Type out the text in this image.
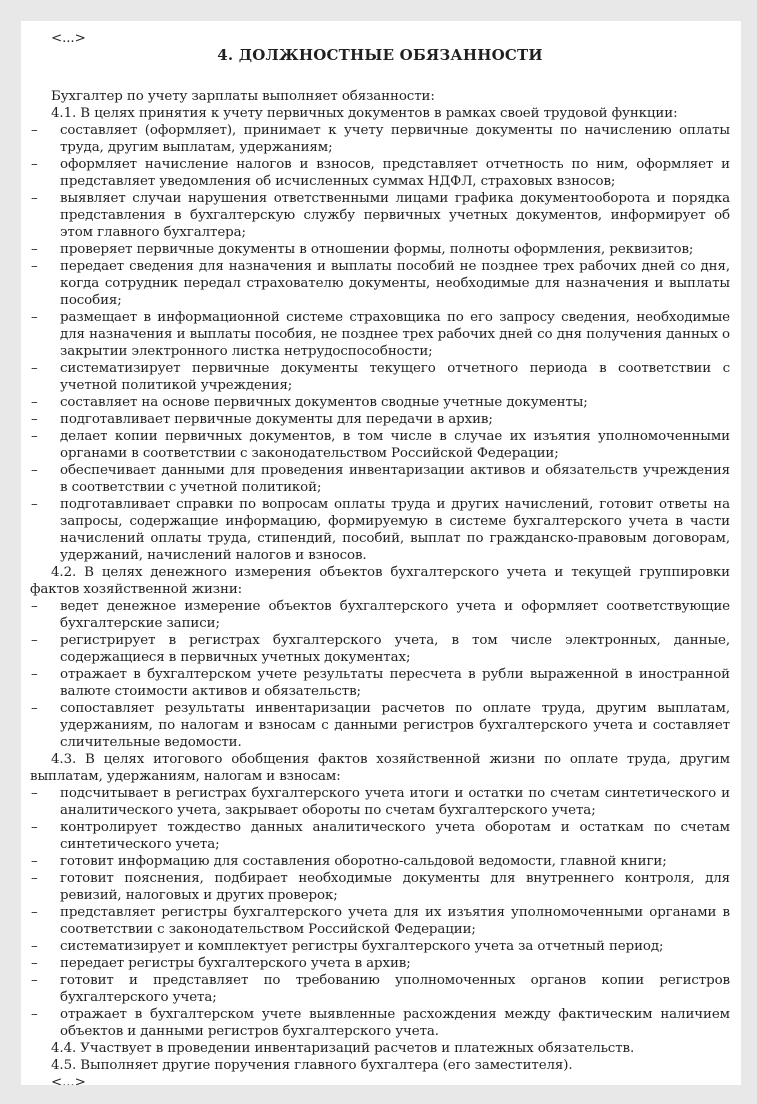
<...>

4. ДОЛЖНОСТНЫЕ ОБЯЗАННОСТИ

Бухгалтер по учету зарплаты выполняет обязанности:

4.1. В целях принятия к учету первичных документов в рамках своей трудовой функции:

– составляет (оформляет), принимает к учету первичные документы по начислению оплаты труда, другим выплатам, удержаниям;
– оформляет начисление налогов и взносов, представляет отчетность по ним, оформляет и представляет уведомления об исчисленных суммах НДФЛ, страховых взносов;
– выявляет случаи нарушения ответственными лицами графика документооборота и порядка представления в бухгалтерскую службу первичных учетных документов, информирует об этом главного бухгалтера;
– проверяет первичные документы в отношении формы, полноты оформления, реквизитов;
– передает сведения для назначения и выплаты пособий не позднее трех рабочих дней со дня, когда сотрудник передал страхователю документы, необходимые для назначения и выплаты пособия;
– размещает в информационной системе страховщика по его запросу сведения, необходимые для назначения и выплаты пособия, не позднее трех рабочих дней со дня получения данных о закрытии электронного листка нетрудоспособности;
– систематизирует первичные документы текущего отчетного периода в соответствии с учетной политикой учреждения;
– составляет на основе первичных документов сводные учетные документы;
– подготавливает первичные документы для передачи в архив;
– делает копии первичных документов, в том числе в случае их изъятия уполномоченными органами в соответствии с законодательством Российской Федерации;
– обеспечивает данными для проведения инвентаризации активов и обязательств учреждения в соответствии с учетной политикой;
– подготавливает справки по вопросам оплаты труда и других начислений, готовит ответы на запросы, содержащие информацию, формируемую в системе бухгалтерского учета в части начислений оплаты труда, стипендий, пособий, выплат по гражданско-правовым договорам, удержаний, начислений налогов и взносов.

4.2. В целях денежного измерения объектов бухгалтерского учета и текущей группировки фактов хозяйственной жизни:

– ведет денежное измерение объектов бухгалтерского учета и оформляет соответствующие бухгалтерские записи;
– регистрирует в регистрах бухгалтерского учета, в том числе электронных, данные, содержащиеся в первичных учетных документах;
– отражает в бухгалтерском учете результаты пересчета в рубли выраженной в иностранной валюте стоимости активов и обязательств;
– сопоставляет результаты инвентаризации расчетов по оплате труда, другим выплатам, удержаниям, по налогам и взносам с данными регистров бухгалтерского учета и составляет сличительные ведомости.

4.3. В целях итогового обобщения фактов хозяйственной жизни по оплате труда, другим выплатам, удержаниям, налогам и взносам:

– подсчитывает в регистрах бухгалтерского учета итоги и остатки по счетам синтетического и аналитического учета, закрывает обороты по счетам бухгалтерского учета;
– контролирует тождество данных аналитического учета оборотам и остаткам по счетам синтетического учета;
– готовит информацию для составления оборотно-сальдовой ведомости, главной книги;
– готовит пояснения, подбирает необходимые документы для внутреннего контроля, для ревизий, налоговых и других проверок;
– представляет регистры бухгалтерского учета для их изъятия уполномоченными органами в соответствии с законодательством Российской Федерации;
– систематизирует и комплектует регистры бухгалтерского учета за отчетный период;
– передает регистры бухгалтерского учета в архив;
– готовит и представляет по требованию уполномоченных органов копии регистров бухгалтерского учета;
– отражает в бухгалтерском учете выявленные расхождения между фактическим наличием объектов и данными регистров бухгалтерского учета.

4.4. Участвует в проведении инвентаризаций расчетов и платежных обязательств.

4.5. Выполняет другие поручения главного бухгалтера (его заместителя).

<...>
